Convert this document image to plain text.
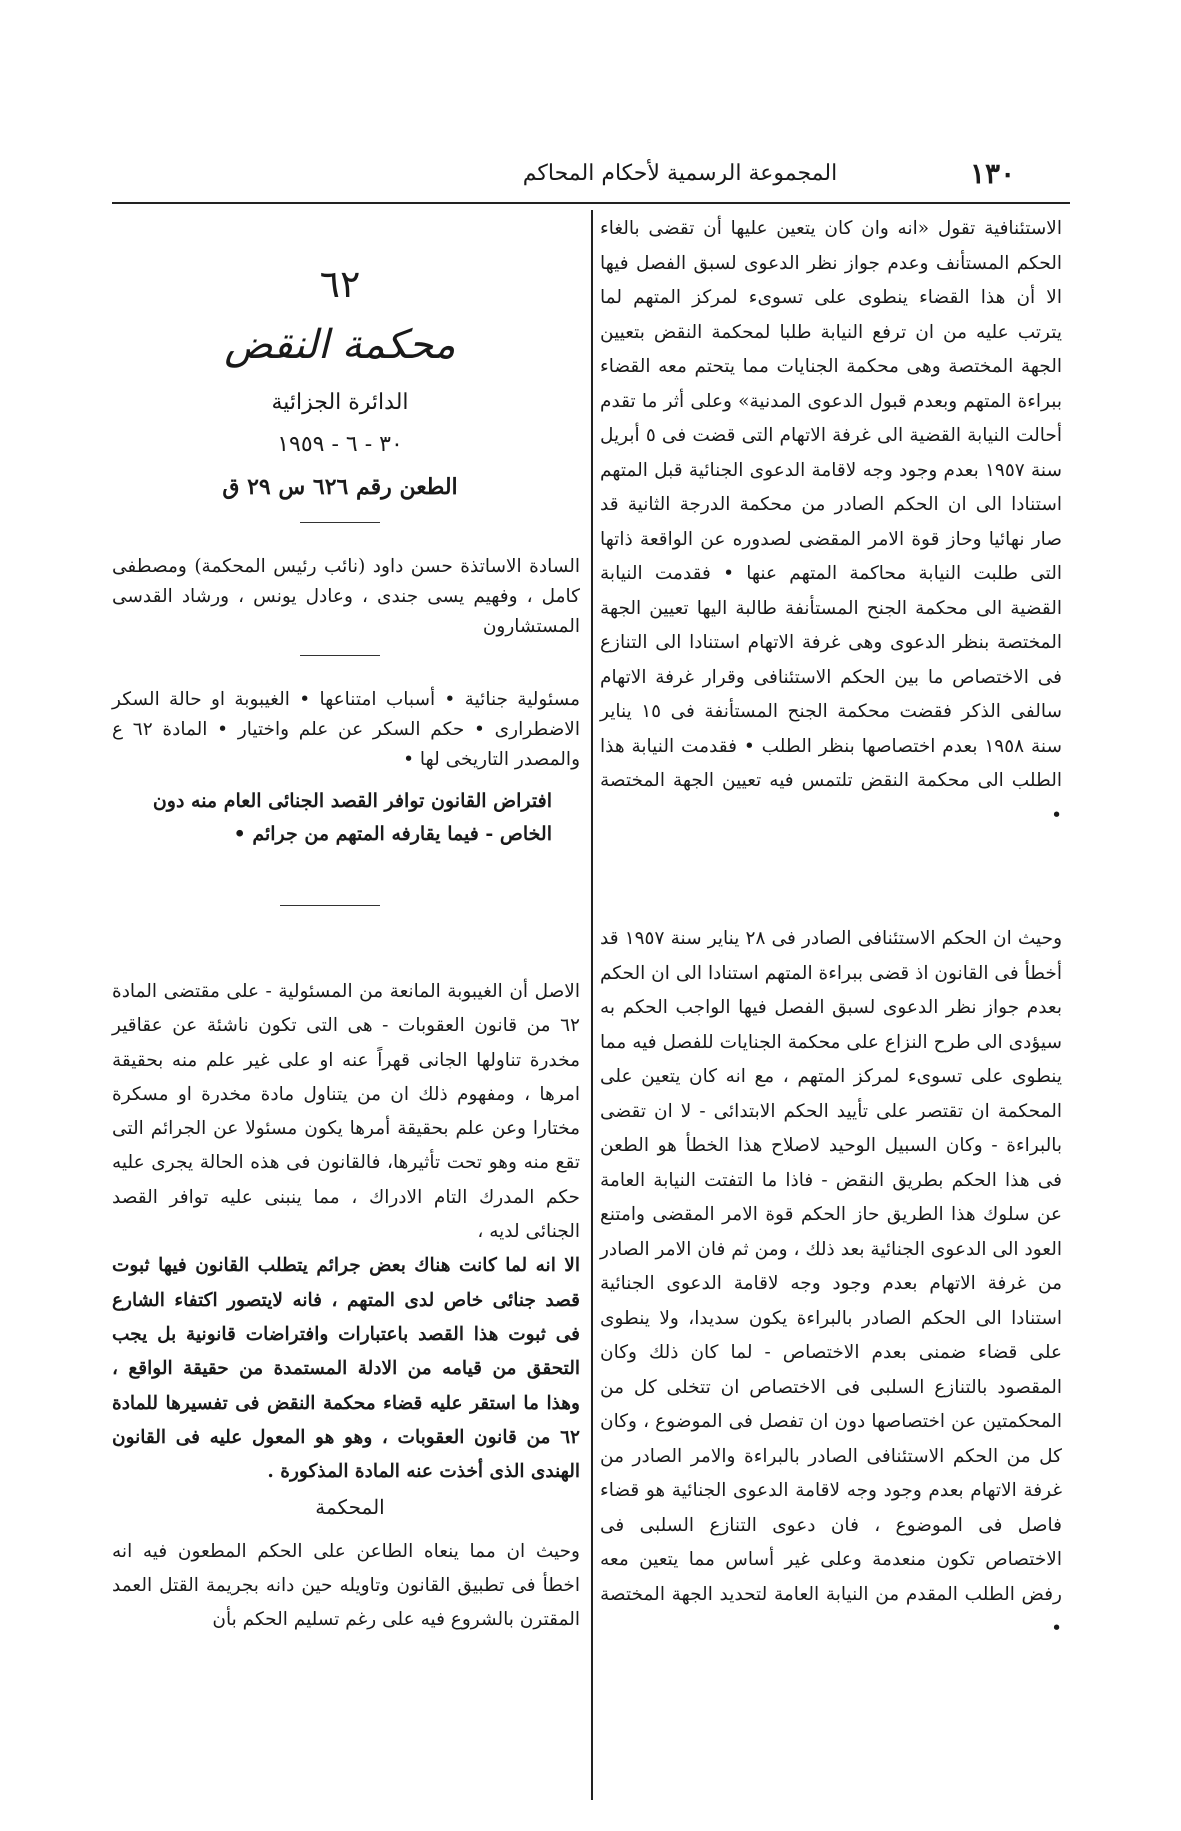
١٣٠
المجموعة الرسمية لأحكام المحاكم

الاستئنافية تقول «انه وان كان يتعين عليها أن تقضى بالغاء الحكم المستأنف وعدم جواز نظر الدعوى لسبق الفصل فيها الا أن هذا القضاء ينطوى على تسوىء لمركز المتهم لما يترتب عليه من ان ترفع النيابة طلبا لمحكمة النقض بتعيين الجهة المختصة وهى محكمة الجنايات مما يتحتم معه القضاء ببراءة المتهم وبعدم قبول الدعوى المدنية» وعلى أثر ما تقدم أحالت النيابة القضية الى غرفة الاتهام التى قضت فى ٥ أبريل سنة ١٩٥٧ بعدم وجود وجه لاقامة الدعوى الجنائية قبل المتهم استنادا الى ان الحكم الصادر من محكمة الدرجة الثانية قد صار نهائيا وحاز قوة الامر المقضى لصدوره عن الواقعة ذاتها التى طلبت النيابة محاكمة المتهم عنها • فقدمت النيابة القضية الى محكمة الجنح المستأنفة طالبة اليها تعيين الجهة المختصة بنظر الدعوى وهى غرفة الاتهام استنادا الى التنازع فى الاختصاص ما بين الحكم الاستئنافى وقرار غرفة الاتهام سالفى الذكر فقضت محكمة الجنح المستأنفة فى ١٥ يناير سنة ١٩٥٨ بعدم اختصاصها بنظر الطلب • فقدمت النيابة هذا الطلب الى محكمة النقض تلتمس فيه تعيين الجهة المختصة •

وحيث ان الحكم الاستئنافى الصادر فى ٢٨ يناير سنة ١٩٥٧ قد أخطأ فى القانون اذ قضى ببراءة المتهم استنادا الى ان الحكم بعدم جواز نظر الدعوى لسبق الفصل فيها الواجب الحكم به سيؤدى الى طرح النزاع على محكمة الجنايات للفصل فيه مما ينطوى على تسوىء لمركز المتهم ، مع انه كان يتعين على المحكمة ان تقتصر على تأييد الحكم الابتدائى - لا ان تقضى بالبراءة - وكان السبيل الوحيد لاصلاح هذا الخطأ هو الطعن فى هذا الحكم بطريق النقض - فاذا ما التفتت النيابة العامة عن سلوك هذا الطريق حاز الحكم قوة الامر المقضى وامتنع العود الى الدعوى الجنائية بعد ذلك ، ومن ثم فان الامر الصادر من غرفة الاتهام بعدم وجود وجه لاقامة الدعوى الجنائية استنادا الى الحكم الصادر بالبراءة يكون سديدا، ولا ينطوى على قضاء ضمنى بعدم الاختصاص - لما كان ذلك وكان المقصود بالتنازع السلبى فى الاختصاص ان تتخلى كل من المحكمتين عن اختصاصها دون ان تفصل فى الموضوع ، وكان كل من الحكم الاستئنافى الصادر بالبراءة والامر الصادر من غرفة الاتهام بعدم وجود وجه لاقامة الدعوى الجنائية هو قضاء فاصل فى الموضوع ، فان دعوى التنازع السلبى فى الاختصاص تكون منعدمة وعلى غير أساس مما يتعين معه رفض الطلب المقدم من النيابة العامة لتحديد الجهة المختصة •

٦٢
محكمة النقض
الدائرة الجزائية
٣٠ - ٦ - ١٩٥٩
الطعن رقم ٦٢٦ س ٢٩ ق
السادة الاساتذة حسن داود (نائب رئيس المحكمة) ومصطفى كامل ، وفهيم يسى جندى ، وعادل يونس ، ورشاد القدسى المستشارون
مسئولية جنائية • أسباب امتناعها • الغيبوبة او حالة السكر الاضطرارى • حكم السكر عن علم واختيار • المادة ٦٢ ع والمصدر التاريخى لها •
افتراض القانون توافر القصد الجنائى العام منه دون الخاص - فيما يقارفه المتهم من جرائم •

الاصل أن الغيبوبة المانعة من المسئولية - على مقتضى المادة ٦٢ من قانون العقوبات - هى التى تكون ناشئة عن عقاقير مخدرة تناولها الجانى قهراً عنه او على غير علم منه بحقيقة امرها ، ومفهوم ذلك ان من يتناول مادة مخدرة او مسكرة مختارا وعن علم بحقيقة أمرها يكون مسئولا عن الجرائم التى تقع منه وهو تحت تأثيرها، فالقانون فى هذه الحالة يجرى عليه حكم المدرك التام الادراك ، مما ينبنى عليه توافر القصد الجنائى لديه ،

الا انه لما كانت هناك بعض جرائم يتطلب القانون فيها ثبوت قصد جنائى خاص لدى المتهم ، فانه لايتصور اكتفاء الشارع فى ثبوت هذا القصد باعتبارات وافتراضات قانونية بل يجب التحقق من قيامه من الادلة المستمدة من حقيقة الواقع ، وهذا ما استقر عليه قضاء محكمة النقض فى تفسيرها للمادة ٦٢ من قانون العقوبات ، وهو هو المعول عليه فى القانون الهندى الذى أخذت عنه المادة المذكورة .

المحكمة

وحيث ان مما ينعاه الطاعن على الحكم المطعون فيه انه اخطأ فى تطبيق القانون وتاويله حين دانه بجريمة القتل العمد المقترن بالشروع فيه على رغم تسليم الحكم بأن
